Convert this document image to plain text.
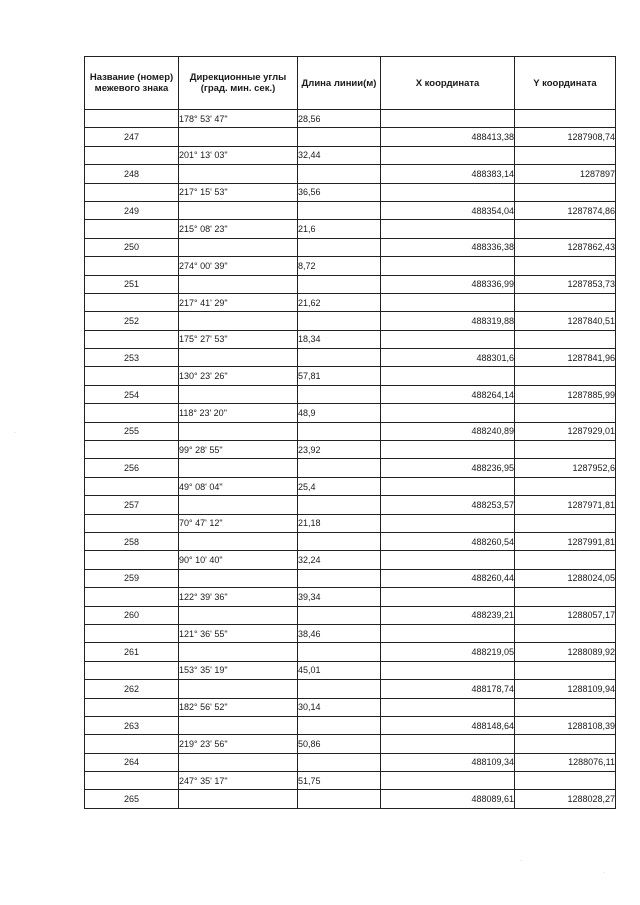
Название (номер) межевого знака	Дирекционные углы (град. мин. сек.)	Длина линии(м)	X координата	Y координата
	178° 53' 47"	28,56		
247			488413,38	1287908,74
	201° 13' 03"	32,44		
248			488383,14	1287897
	217° 15' 53"	36,56		
249			488354,04	1287874,86
	215° 08' 23"	21,6		
250			488336,38	1287862,43
	274° 00' 39"	8,72		
251			488336,99	1287853,73
	217° 41' 29"	21,62		
252			488319,88	1287840,51
	175° 27' 53"	18,34		
253			488301,6	1287841,96
	130° 23' 26"	57,81		
254			488264,14	1287885,99
	118° 23' 20"	48,9		
255			488240,89	1287929,01
	99° 28' 55"	23,92		
256			488236,95	1287952,6
	49° 08' 04"	25,4		
257			488253,57	1287971,81
	70° 47' 12"	21,18		
258			488260,54	1287991,81
	90° 10' 40"	32,24		
259			488260,44	1288024,05
	122° 39' 36"	39,34		
260			488239,21	1288057,17
	121° 36' 55"	38,46		
261			488219,05	1288089,92
	153° 35' 19"	45,01		
262			488178,74	1288109,94
	182° 56' 52"	30,14		
263			488148,64	1288108,39
	219° 23' 56"	50,86		
264			488109,34	1288076,11
	247° 35' 17"	51,75		
265			488089,61	1288028,27
·
·
·
